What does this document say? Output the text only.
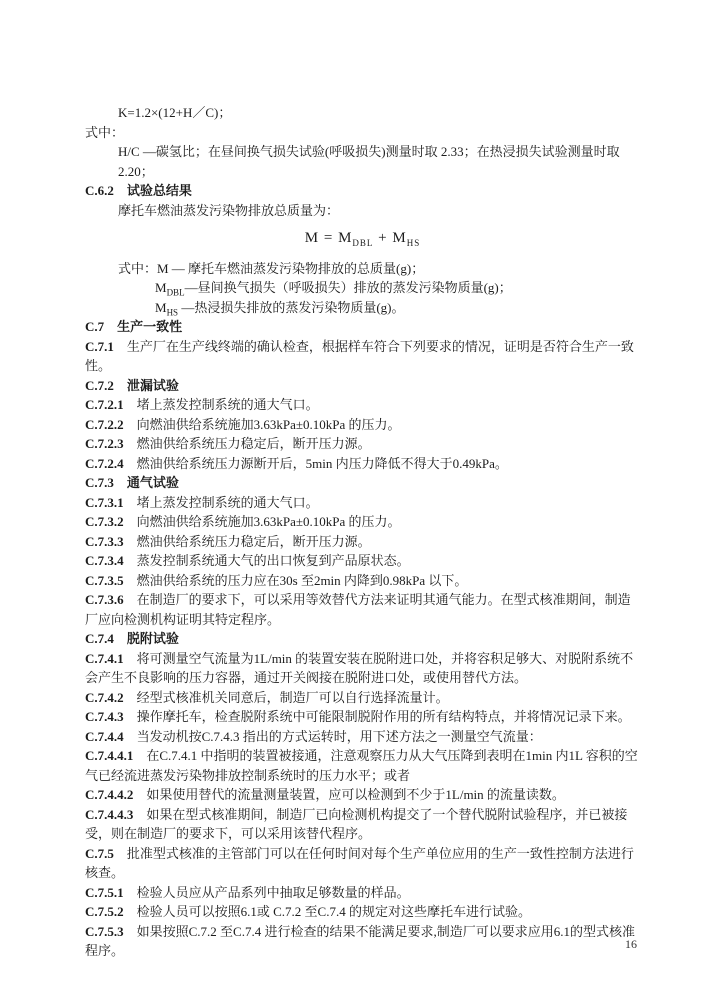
K=1.2×(12+H／C)；

式中：

H/C —碳氢比；在昼间换气损失试验(呼吸损失)测量时取 2.33；在热浸损失试验测量时取 2.20；

C.6.2 试验总结果

摩托车燃油蒸发污染物排放总质量为：

$M = M_{DBL} + M_{HS}$

式中：M — 摩托车燃油蒸发污染物排放的总质量(g)；

$M_{DBL}—$昼间换气损失（呼吸损失）排放的蒸发污染物质量(g)；

$M_{HS}$ —热浸损失排放的蒸发污染物质量(g)。

C.7 生产一致性

C.7.1 生产厂在生产线终端的确认检查，根据样车符合下列要求的情况，证明是否符合生产一致性。

C.7.2 泄漏试验

C.7.2.1 堵上蒸发控制系统的通大气口。

C.7.2.2 向燃油供给系统施加3.63kPa±0.10kPa 的压力。

C.7.2.3 燃油供给系统压力稳定后，断开压力源。

C.7.2.4 燃油供给系统压力源断开后，5min 内压力降低不得大于0.49kPa。

C.7.3 通气试验

C.7.3.1 堵上蒸发控制系统的通大气口。

C.7.3.2 向燃油供给系统施加3.63kPa±0.10kPa 的压力。

C.7.3.3 燃油供给系统压力稳定后，断开压力源。

C.7.3.4 蒸发控制系统通大气的出口恢复到产品原状态。

C.7.3.5 燃油供给系统的压力应在30s 至2min 内降到0.98kPa 以下。

C.7.3.6 在制造厂的要求下，可以采用等效替代方法来证明其通气能力。在型式核准期间，制造厂应向检测机构证明其特定程序。

C.7.4 脱附试验

C.7.4.1 将可测量空气流量为1L/min 的装置安装在脱附进口处，并将容积足够大、对脱附系统不会产生不良影响的压力容器，通过开关阀接在脱附进口处，或使用替代方法。

C.7.4.2 经型式核准机关同意后，制造厂可以自行选择流量计。

C.7.4.3 操作摩托车，检查脱附系统中可能限制脱附作用的所有结构特点，并将情况记录下来。

C.7.4.4 当发动机按C.7.4.3 指出的方式运转时，用下述方法之一测量空气流量：

C.7.4.4.1 在C.7.4.1 中指明的装置被接通，注意观察压力从大气压降到表明在1min 内1L 容积的空气已经流进蒸发污染物排放控制系统时的压力水平；或者

C.7.4.4.2 如果使用替代的流量测量装置，应可以检测到不少于1L/min 的流量读数。

C.7.4.4.3 如果在型式核准期间，制造厂已向检测机构提交了一个替代脱附试验程序，并已被接受，则在制造厂的要求下，可以采用该替代程序。

C.7.5 批准型式核准的主管部门可以在任何时间对每个生产单位应用的生产一致性控制方法进行核查。

C.7.5.1 检验人员应从产品系列中抽取足够数量的样品。

C.7.5.2 检验人员可以按照6.1或 C.7.2 至C.7.4 的规定对这些摩托车进行试验。

C.7.5.3 如果按照C.7.2 至C.7.4 进行检查的结果不能满足要求,制造厂可以要求应用6.1的型式核准程序。	16
